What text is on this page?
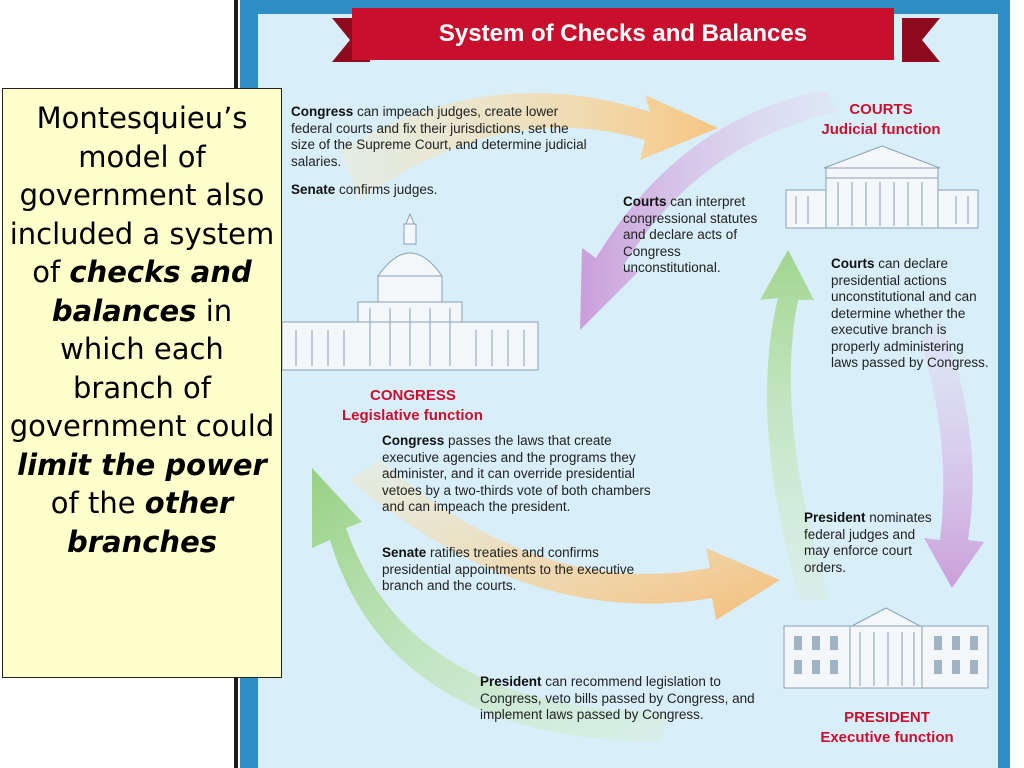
System of Checks and Balances
Congress can impeach judges, create lower federal courts and fix their jurisdictions, set the size of the Supreme Court, and determine judicial salaries.
Senate confirms judges.
COURTS
Judicial function
Courts can interpret congressional statutes and declare acts of Congress unconstitutional.	Courts can declare presidential actions unconstitutional and can determine whether the executive branch is properly administering laws passed by Congress.
CONGRESS
Legislative function
Congress passes the laws that create executive agencies and the programs they administer, and it can override presidential vetoes by a two-thirds vote of both chambers and can impeach the president.
Senate ratifies treaties and confirms presidential appointments to the executive branch and the courts.
President nominates federal judges and may enforce court orders.
President can recommend legislation to Congress, veto bills passed by Congress, and implement laws passed by Congress.	PRESIDENT
Executive function
Montesquieu’s model of government also included a system of checks and balances in which each branch of government could limit the power of the other branches
